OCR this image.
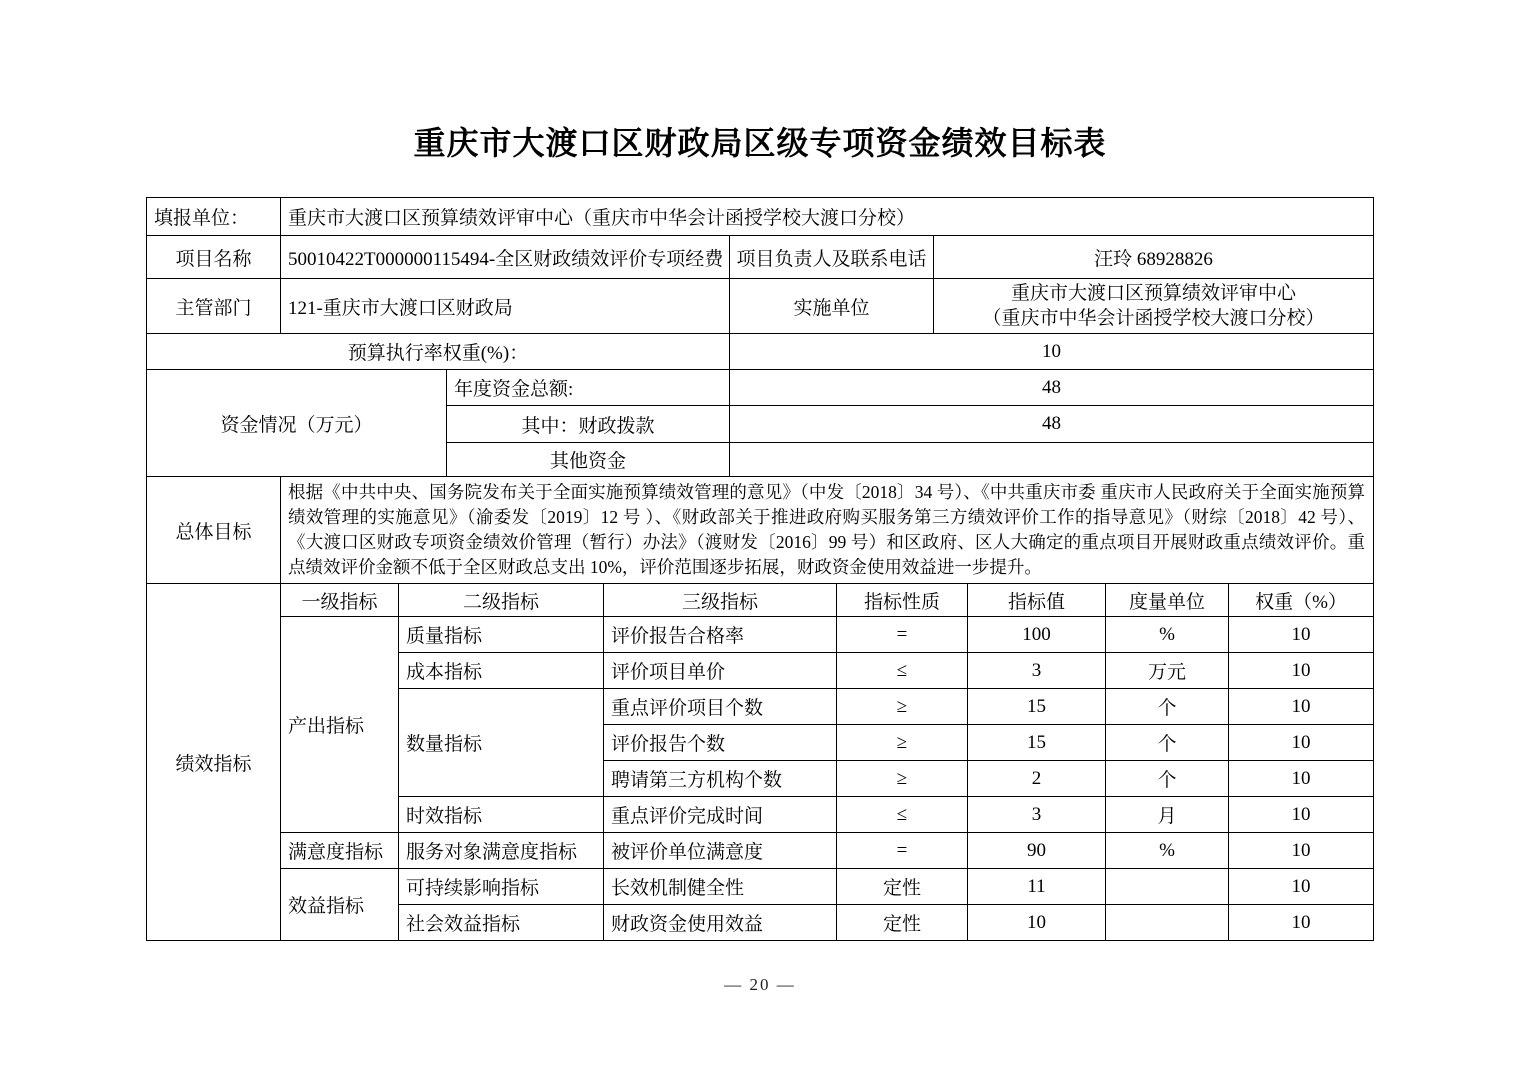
重庆市大渡口区财政局区级专项资金绩效目标表
填报单位：	重庆市大渡口区预算绩效评审中心（重庆市中华会计函授学校大渡口分校）			
项目名称	50010422T000000115494-全区财政绩效评价专项经费		项目负责人及联系电话	汪玲 68928826
主管部门	121-重庆市大渡口区财政局		实施单位	重庆市大渡口区预算绩效评审中心
（重庆市中华会计函授学校大渡口分校）

预算执行率权重(%)：			10	
资金情况（万元）		年度资金总额:	48	
		其中：财政拨款	48	
		其他资金		
总体目标	根据《中共中央、国务院发布关于全面实施预算绩效管理的意见》（中发〔2018〕34 号）、《中共重庆市委 重庆市人民政府关于全面实施预算绩效管理的实施意见》（渝委发〔2019〕12 号 ）、《财政部关于推进政府购买服务第三方绩效评价工作的指导意见》（财综〔2018〕42 号）、 《大渡口区财政专项资金绩效价管理（暂行）办法》（渡财发〔2016〕99 号）和区政府、区人大确定的重点项目开展财政重点绩效评价。重点绩效评价金额不低于全区财政总支出 10%，评价范围逐步拓展，财政资金使用效益进一步提升。			
绩效指标	一级指标	二级指标	三级指标	指标性质	指标值	度量单位	权重（%）
	产出指标	质量指标	评价报告合格率	=	100	%	10
		成本指标	评价项目单价	≤	3	万元	10
		数量指标	重点评价项目个数	≥	15	个	10
			评价报告个数	≥	15	个	10
			聘请第三方机构个数	≥	2	个	10
		时效指标	重点评价完成时间	≤	3	月	10
	满意度指标	服务对象满意度指标	被评价单位满意度	=	90	%	10
	效益指标	可持续影响指标	长效机制健全性	定性	11		10
		社会效益指标	财政资金使用效益	定性	10		10
— 20 —
